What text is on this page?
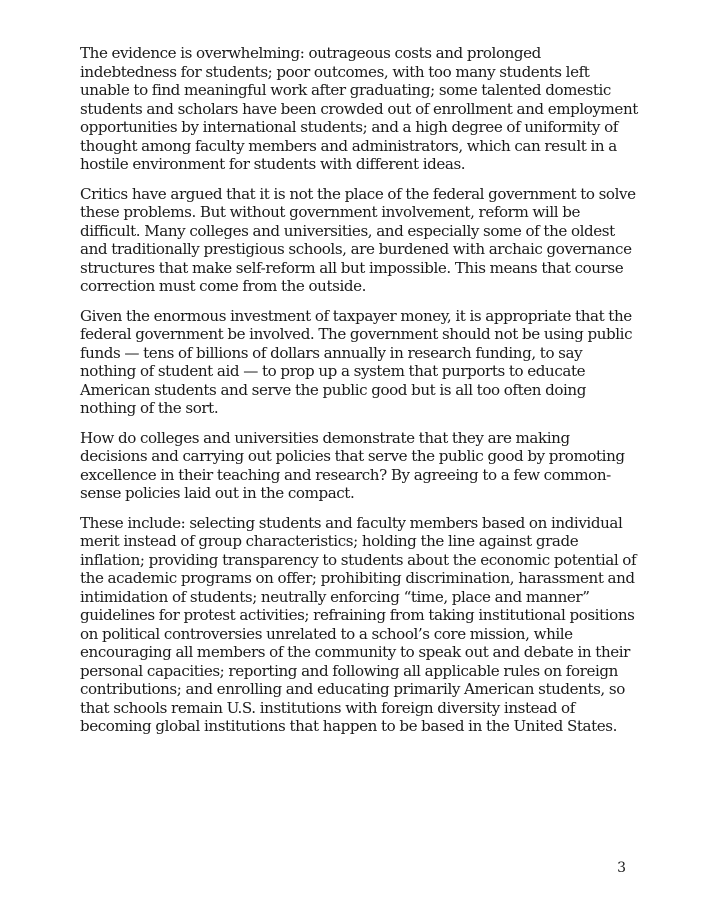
The evidence is overwhelming: outrageous costs and prolonged indebtedness for students; poor outcomes, with too many students left unable to find meaningful work after graduating; some talented domestic students and scholars have been crowded out of enrollment and employment opportunities by international students; and a high degree of uniformity of thought among faculty members and administrators, which can result in a hostile environment for students with different ideas.

Critics have argued that it is not the place of the federal government to solve these problems. But without government involvement, reform will be difficult. Many colleges and universities, and especially some of the oldest and traditionally prestigious schools, are burdened with archaic governance structures that make self-reform all but impossible. This means that course correction must come from the outside.

Given the enormous investment of taxpayer money, it is appropriate that the federal government be involved. The government should not be using public funds — tens of billions of dollars annually in research funding, to say nothing of student aid — to prop up a system that purports to educate American students and serve the public good but is all too often doing nothing of the sort.

How do colleges and universities demonstrate that they are making decisions and carrying out policies that serve the public good by promoting excellence in their teaching and research? By agreeing to a few common-sense policies laid out in the compact.

These include: selecting students and faculty members based on individual merit instead of group characteristics; holding the line against grade inflation; providing transparency to students about the economic potential of the academic programs on offer; prohibiting discrimination, harassment and intimidation of students; neutrally enforcing “time, place and manner” guidelines for protest activities; refraining from taking institutional positions on political controversies unrelated to a school’s core mission, while encouraging all members of the community to speak out and debate in their personal capacities; reporting and following all applicable rules on foreign contributions; and enrolling and educating primarily American students, so that schools remain U.S. institutions with foreign diversity instead of becoming global institutions that happen to be based in the United States.

3
